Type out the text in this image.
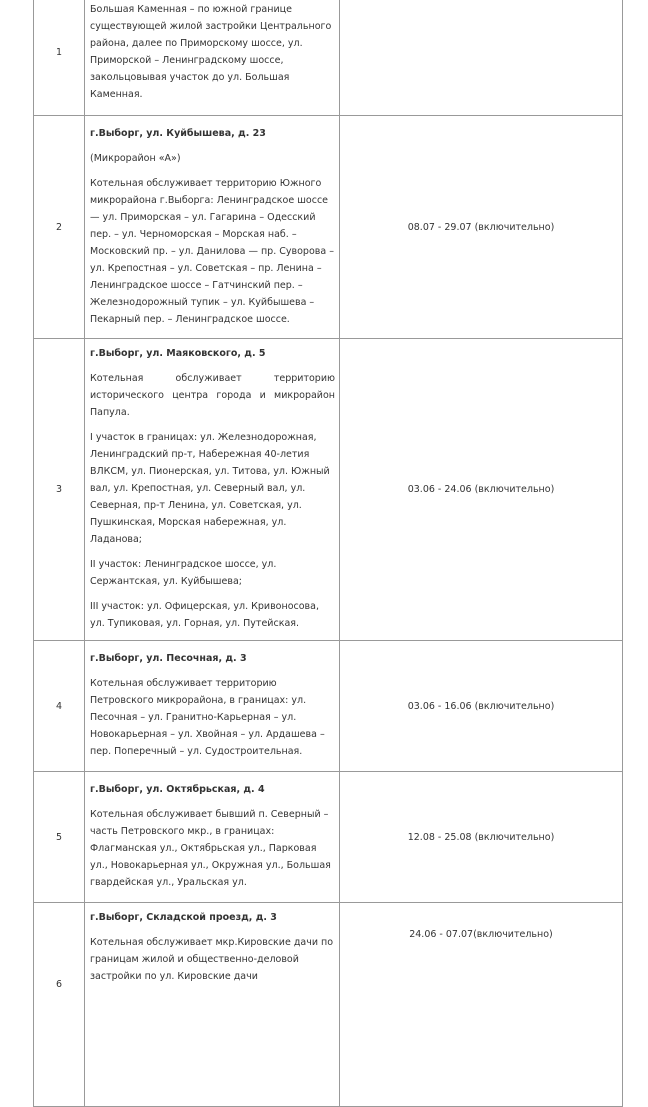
1	Большая Каменная – по южной границе существующей жилой застройки Центрального района, далее по Приморскому шоссе, ул. Приморской – Ленинградскому шоссе, закольцовывая участок до ул. Большая Каменная.	

2	г.Выборг, ул. Куйбышева, д. 23
(Микрорайон «А»)
Котельная обслуживает территорию Южного микрорайона г.Выборга: Ленинградское шоссе — ул. Приморская – ул. Гагарина – Одесский пер. – ул. Черноморская – Морская наб. – Московский пр. – ул. Данилова — пр. Суворова – ул. Крепостная – ул. Советская – пр. Ленина – Ленинградское шоссе – Гатчинский пер. – Железнодорожный тупик – ул. Куйбышева – Пекарный пер. – Ленинградское шоссе.	08.07 - 29.07 (включительно)
3	г.Выборг, ул. Маяковского, д. 5
Котельная обслуживает территорию исторического центра города и микрорайон Папула.
I участок в границах: ул. Железнодорожная, Ленинградский пр-т, Набережная 40-летия ВЛКСМ, ул. Пионерская, ул. Титова, ул. Южный вал, ул. Крепостная, ул. Северный вал, ул. Северная, пр-т Ленина, ул. Советская, ул. Пушкинская, Морская набережная, ул. Ладанова;
II участок: Ленинградское шоссе, ул. Сержантская, ул. Куйбышева;
III участок: ул. Офицерская, ул. Кривоносова, ул. Тупиковая, ул. Горная, ул. Путейская.	03.06 - 24.06 (включительно)
4	г.Выборг, ул. Песочная, д. 3
Котельная обслуживает территорию Петровского микрорайона, в границах: ул. Песочная – ул. Гранитно-Карьерная – ул. Новокарьерная – ул. Хвойная – ул. Ардашева – пер. Поперечный – ул. Судостроительная.	03.06 - 16.06 (включительно)
5	г.Выборг, ул. Октябрьская, д. 4
Котельная обслуживает бывший п. Северный – часть Петровского мкр., в границах: Флагманская ул., Октябрьская ул., Парковая ул., Новокарьерная ул., Окружная ул., Большая гвардейская ул., Уральская ул.	12.08 - 25.08 (включительно)
6	г.Выборг, Складской проезд, д. 3
Котельная обслуживает мкр.Кировские дачи по границам жилой и общественно-деловой застройки по ул. Кировские дачи	24.06 - 07.07(включительно)
